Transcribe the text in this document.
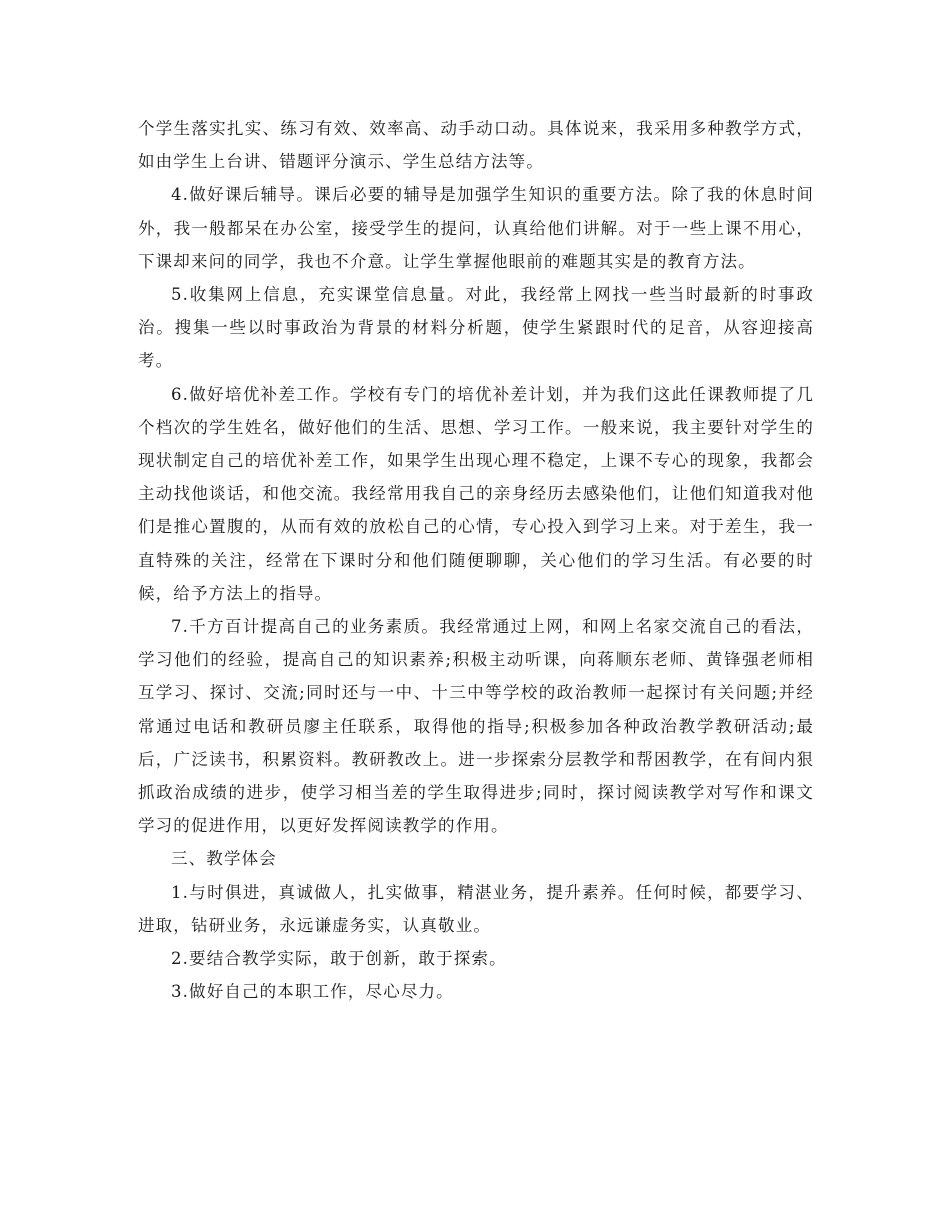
个学生落实扎实、练习有效、效率高、动手动口动。具体说来，我采用多种教学方式，如由学生上台讲、错题评分演示、学生总结方法等。

4.做好课后辅导。课后必要的辅导是加强学生知识的重要方法。除了我的休息时间外，我一般都呆在办公室，接受学生的提问，认真给他们讲解。对于一些上课不用心，下课却来问的同学，我也不介意。让学生掌握他眼前的难题其实是的教育方法。

5.收集网上信息，充实课堂信息量。对此，我经常上网找一些当时最新的时事政治。搜集一些以时事政治为背景的材料分析题，使学生紧跟时代的足音，从容迎接高考。

6.做好培优补差工作。学校有专门的培优补差计划，并为我们这此任课教师提了几个档次的学生姓名，做好他们的生活、思想、学习工作。一般来说，我主要针对学生的现状制定自己的培优补差工作，如果学生出现心理不稳定，上课不专心的现象，我都会主动找他谈话，和他交流。我经常用我自己的亲身经历去感染他们，让他们知道我对他们是推心置腹的，从而有效的放松自己的心情，专心投入到学习上来。对于差生，我一直特殊的关注，经常在下课时分和他们随便聊聊，关心他们的学习生活。有必要的时候，给予方法上的指导。

7.千方百计提高自己的业务素质。我经常通过上网，和网上名家交流自己的看法，学习他们的经验，提高自己的知识素养;积极主动听课，向蒋顺东老师、黄锋强老师相互学习、探讨、交流;同时还与一中、十三中等学校的政治教师一起探讨有关问题;并经常通过电话和教研员廖主任联系，取得他的指导;积极参加各种政治教学教研活动;最后，广泛读书，积累资料。教研教改上。进一步探索分层教学和帮困教学，在有间内狠抓政治成绩的进步，使学习相当差的学生取得进步;同时，探讨阅读教学对写作和课文学习的促进作用，以更好发挥阅读教学的作用。

三、教学体会

1.与时俱进，真诚做人，扎实做事，精湛业务，提升素养。任何时候，都要学习、进取，钻研业务，永远谦虚务实，认真敬业。

2.要结合教学实际，敢于创新，敢于探索。

3.做好自己的本职工作，尽心尽力。
